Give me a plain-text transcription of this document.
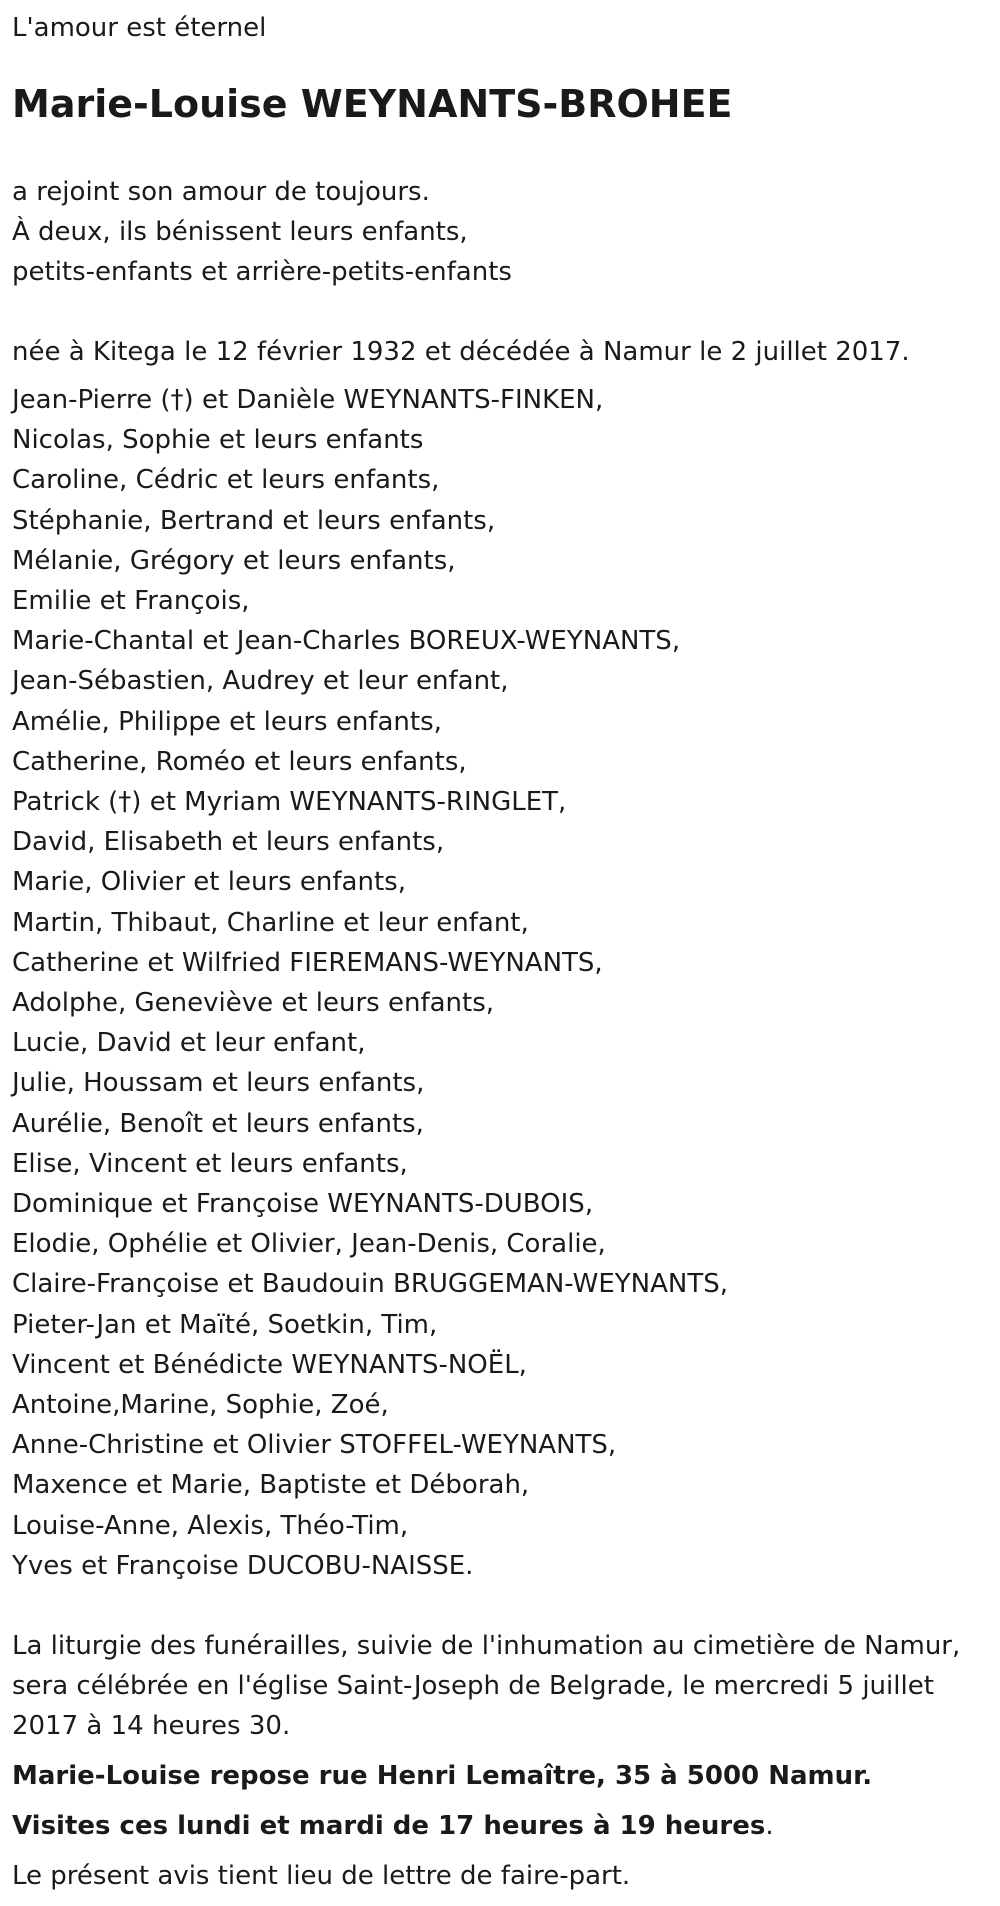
L'amour est éternel
Marie-Louise WEYNANTS-BROHEE
a rejoint son amour de toujours.
À deux, ils bénissent leurs enfants,
petits-enfants et arrière-petits-enfants
née à Kitega le 12 février 1932 et décédée à Namur le 2 juillet 2017.
Jean-Pierre (†) et Danièle WEYNANTS-FINKEN,
Nicolas, Sophie et leurs enfants
Caroline, Cédric et leurs enfants,
Stéphanie, Bertrand et leurs enfants,
Mélanie, Grégory et leurs enfants,
Emilie et François,
Marie-Chantal et Jean-Charles BOREUX-WEYNANTS,
Jean-Sébastien, Audrey et leur enfant,
Amélie, Philippe et leurs enfants,
Catherine, Roméo et leurs enfants,
Patrick (†) et Myriam WEYNANTS-RINGLET,
David, Elisabeth et leurs enfants,
Marie, Olivier et leurs enfants,
Martin, Thibaut, Charline et leur enfant,
Catherine et Wilfried FIEREMANS-WEYNANTS,
Adolphe, Geneviève et leurs enfants,
Lucie, David et leur enfant,
Julie, Houssam et leurs enfants,
Aurélie, Benoît et leurs enfants,
Elise, Vincent et leurs enfants,
Dominique et Françoise WEYNANTS-DUBOIS,
Elodie, Ophélie et Olivier, Jean-Denis, Coralie,
Claire-Françoise et Baudouin BRUGGEMAN-WEYNANTS,
Pieter-Jan et Maïté, Soetkin, Tim,
Vincent et Bénédicte WEYNANTS-NOËL,
Antoine,Marine, Sophie, Zoé,
Anne-Christine et Olivier STOFFEL-WEYNANTS,
Maxence et Marie, Baptiste et Déborah,
Louise-Anne, Alexis, Théo-Tim,
Yves et Françoise DUCOBU-NAISSE.
La liturgie des funérailles, suivie de l'inhumation au cimetière de Namur,
sera célébrée en l'église Saint-Joseph de Belgrade, le mercredi 5 juillet
2017 à 14 heures 30.
Marie-Louise repose rue Henri Lemaître, 35 à 5000 Namur.
Visites ces lundi et mardi de 17 heures à 19 heures.
Le présent avis tient lieu de lettre de faire-part.
